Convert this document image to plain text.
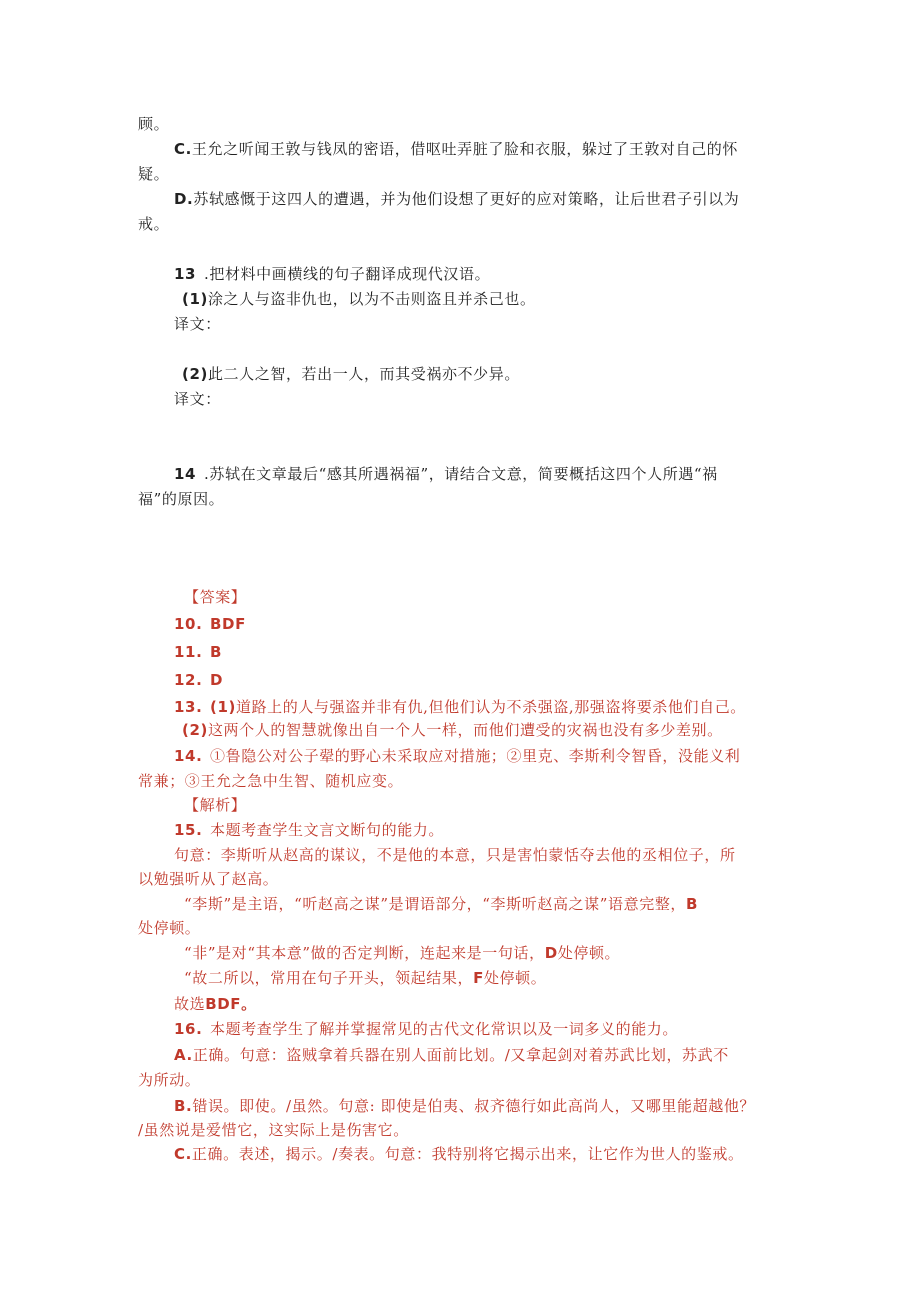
顾。
C.王允之听闻王敦与钱凤的密语，借呕吐弄脏了脸和衣服，躲过了王敦对自己的怀
疑。
D.苏轼感慨于这四人的遭遇，并为他们设想了更好的应对策略，让后世君子引以为
戒。
13 .把材料中画横线的句子翻译成现代汉语。
(1)涂之人与盗非仇也，以为不击则盗且并杀己也。
译文：
(2)此二人之智，若出一人，而其受祸亦不少异。
译文：
14 .苏轼在文章最后“感其所遇祸福”，请结合文意，简要概括这四个人所遇“祸
福”的原因。
【答案】
10. BDF
11. B
12. D
13. (1)道路上的人与强盗并非有仇,但他们认为不杀强盗,那强盗将要杀他们自己。
(2)这两个人的智慧就像出自一个人一样，而他们遭受的灾祸也没有多少差别。
14. ①鲁隐公对公子翚的野心未采取应对措施；②里克、李斯利令智昏，没能义利
常兼；③王允之急中生智、随机应变。
【解析】
15. 本题考查学生文言文断句的能力。
句意：李斯听从赵高的谋议，不是他的本意，只是害怕蒙恬夺去他的丞相位子，所
以勉强听从了赵高。
“李斯”是主语，“听赵高之谋”是谓语部分，“李斯听赵高之谋”语意完整，B
处停顿。
“非”是对“其本意”做的否定判断，连起来是一句话，D处停顿。
“故二所以，常用在句子开头，领起结果，F处停顿。
故选BDF。
16. 本题考查学生了解并掌握常见的古代文化常识以及一词多义的能力。
A.正确。句意：盗贼拿着兵器在别人面前比划。/又拿起剑对着苏武比划，苏武不
为所动。
B.错误。即使。/虽然。句意: 即使是伯夷、叔齐德行如此高尚人，又哪里能超越他？
/虽然说是爱惜它，这实际上是伤害它。
C.正确。表述，揭示。/奏表。句意：我特别将它揭示出来，让它作为世人的鉴戒。
